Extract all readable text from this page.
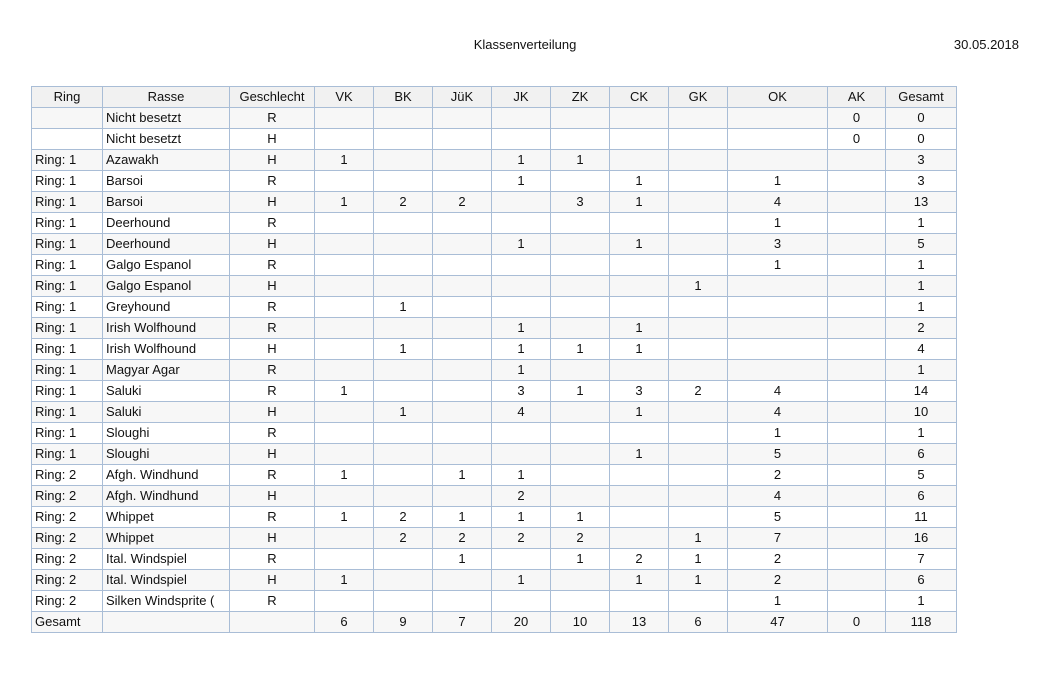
Klassenverteilung	30.05.2018
Ring	Rasse	Geschlecht	VK	BK	JüK	JK	ZK	CK	GK	OK	AK	Gesamt
	Nicht besetzt	R									0	0
	Nicht besetzt	H									0	0
Ring: 1	Azawakh	H	1			1	1					3
Ring: 1	Barsoi	R				1		1		1		3
Ring: 1	Barsoi	H	1	2	2		3	1		4		13
Ring: 1	Deerhound	R								1		1
Ring: 1	Deerhound	H				1		1		3		5
Ring: 1	Galgo Espanol	R								1		1
Ring: 1	Galgo Espanol	H							1			1
Ring: 1	Greyhound	R		1								1
Ring: 1	Irish Wolfhound	R				1		1				2
Ring: 1	Irish Wolfhound	H		1		1	1	1				4
Ring: 1	Magyar Agar	R				1						1
Ring: 1	Saluki	R	1			3	1	3	2	4		14
Ring: 1	Saluki	H		1		4		1		4		10
Ring: 1	Sloughi	R								1		1
Ring: 1	Sloughi	H						1		5		6
Ring: 2	Afgh. Windhund	R	1		1	1				2		5
Ring: 2	Afgh. Windhund	H				2				4		6
Ring: 2	Whippet	R	1	2	1	1	1			5		11
Ring: 2	Whippet	H		2	2	2	2		1	7		16
Ring: 2	Ital. Windspiel	R			1		1	2	1	2		7
Ring: 2	Ital. Windspiel	H	1			1		1	1	2		6
Ring: 2	Silken Windsprite (	R								1		1
Gesamt			6	9	7	20	10	13	6	47	0	118
